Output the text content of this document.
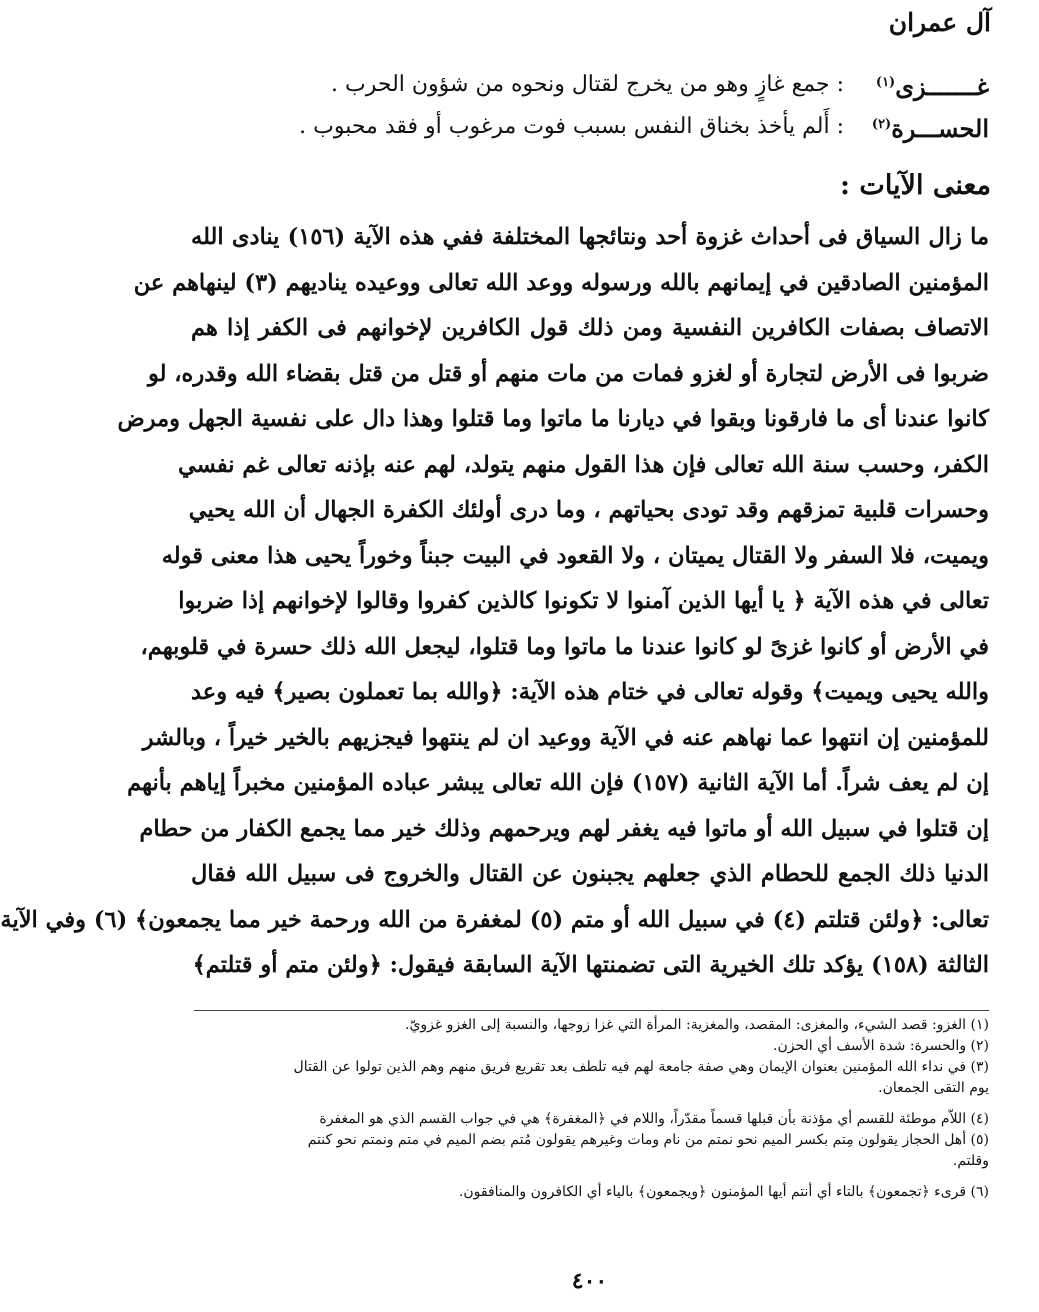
آل عمران
غـــــــزى$^{(١)}$
: جمع غازٍ وهو من يخرج لقتال ونحوه من شؤون الحرب .
الحســـرة$^{(٢)}$
: أَلم يأخذ بخناق النفس بسبب فوت مرغوب أو فقد محبوب .
معنى الآيات :
ما زال السياق فى أحداث غزوة أحد ونتائجها المختلفة ففي هذه الآية (١٥٦) ينادى الله
المؤمنين الصادقين في إيمانهم بالله ورسوله ووعد الله تعالى ووعيده يناديهم (٣) لينهاهم عن
الاتصاف بصفات الكافرين النفسية ومن ذلك قول الكافرين لإخوانهم فى الكفر إذا هم
ضربوا فى الأرض لتجارة أو لغزو فمات من مات منهم أو قتل من قتل بقضاء الله وقدره، لو
كانوا عندنا أى ما فارقونا وبقوا في ديارنا ما ماتوا وما قتلوا وهذا دال على نفسية الجهل ومرض
الكفر، وحسب سنة الله تعالى فإن هذا القول منهم يتولد، لهم عنه بإذنه تعالى غم نفسي
وحسرات قلبية تمزقهم وقد تودى بحياتهم ، وما درى أولئك الكفرة الجهال أن الله يحيي
ويميت، فلا السفر ولا القتال يميتان ، ولا القعود في البيت جبناً وخوراً يحيى هذا معنى قوله
تعالى في هذه الآية ﴿ يا أيها الذين آمنوا لا تكونوا كالذين كفروا وقالوا لإخوانهم إذا ضربوا
في الأرض أو كانوا غزىً لو كانوا عندنا ما ماتوا وما قتلوا، ليجعل الله ذلك حسرة في قلوبهم،
والله يحيى ويميت﴾ وقوله تعالى في ختام هذه الآية: ﴿والله بما تعملون بصير﴾ فيه وعد
للمؤمنين إن انتهوا عما نهاهم عنه في الآية ووعيد ان لم ينتهوا فيجزيهم بالخير خيراً ، وبالشر
إن لم يعف شراً. أما الآية الثانية (١٥٧) فإن الله تعالى يبشر عباده المؤمنين مخبراً إياهم بأنهم
إن قتلوا في سبيل الله أو ماتوا فيه يغفر لهم ويرحمهم وذلك خير مما يجمع الكفار من حطام
الدنيا ذلك الجمع للحطام الذي جعلهم يجبنون عن القتال والخروج فى سبيل الله فقال
تعالى: ﴿ولئن قتلتم (٤) في سبيل الله أو متم (٥) لمغفرة من الله ورحمة خير مما يجمعون﴾ (٦) وفي الآية
الثالثة (١٥٨) يؤكد تلك الخيرية التى تضمنتها الآية السابقة فيقول: ﴿ولئن متم أو قتلتم﴾
(١) الغزو: قصد الشيء، والمغزى: المقصد، والمغزية: المرأة التي غزا زوجها، والنسبة إلى الغزو غزويّ.
(٢) والحسرة: شدة الأسف أي الحزن.
(٣) في نداء الله المؤمنين بعنوان الإيمان وهي صفة جامعة لهم فيه تلطف بعد تقريع فريق منهم وهم الذين تولوا عن القتال
يوم التقى الجمعان.
(٤) اللاّم موطئة للقسم أي مؤذنة بأن قبلها قسماً مقدّراً، واللام في ﴿المغفرة﴾ هي في جواب القسم الذي هو المغفرة
(٥) أهل الحجاز يقولون مِتم بكسر الميم نحو نمتم من نام ومات وغيرهم يقولون مُتم بضم الميم في متم ونمتم نحو كنتم
وقلتم.
(٦) قرىء ﴿تجمعون﴾ بالتاء أي أنتم أيها المؤمنون ﴿ويجمعون﴾ بالياء أي الكافرون والمنافقون.
٤٠٠
